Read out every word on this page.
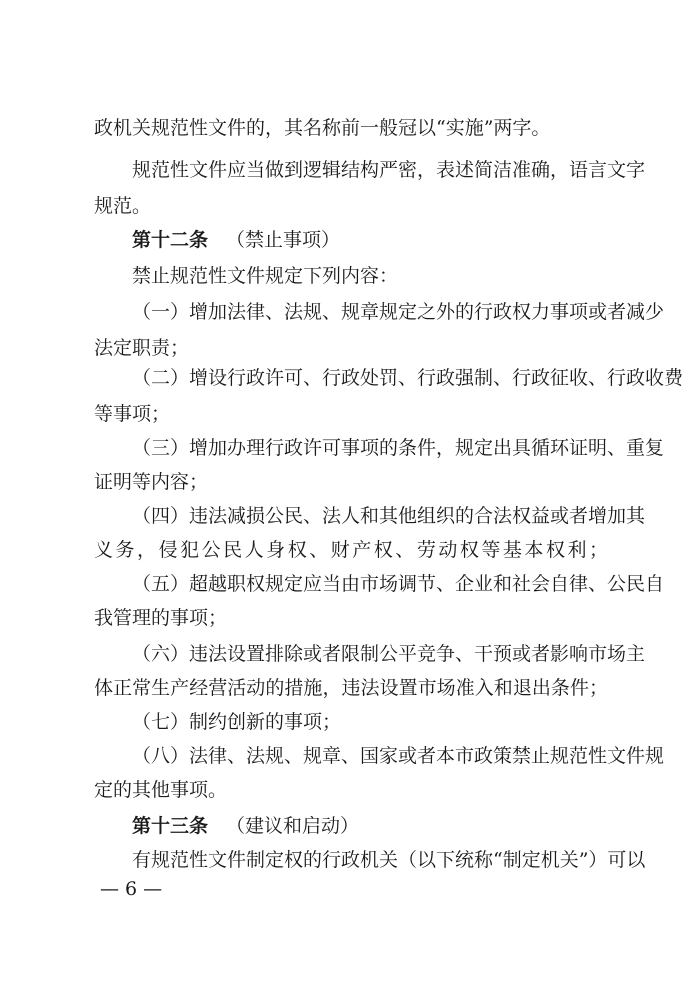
政机关规范性文件的，其名称前一般冠以“实施”两字。
规范性文件应当做到逻辑结构严密，表述简洁准确，语言文字
规范。
第十二条 （禁止事项）
禁止规范性文件规定下列内容：
（一）增加法律、法规、规章规定之外的行政权力事项或者减少
法定职责；
（二）增设行政许可、行政处罚、行政强制、行政征收、行政收费
等事项；
（三）增加办理行政许可事项的条件，规定出具循环证明、重复
证明等内容；
（四）违法减损公民、法人和其他组织的合法权益或者增加其
义务，侵犯公民人身权、财产权、劳动权等基本权利；
（五）超越职权规定应当由市场调节、企业和社会自律、公民自
我管理的事项；
（六）违法设置排除或者限制公平竞争、干预或者影响市场主
体正常生产经营活动的措施，违法设置市场准入和退出条件；
（七）制约创新的事项；
（八）法律、法规、规章、国家或者本市政策禁止规范性文件规
定的其他事项。
第十三条 （建议和启动）
有规范性文件制定权的行政机关（以下统称“制定机关”）可以
— 6 —
